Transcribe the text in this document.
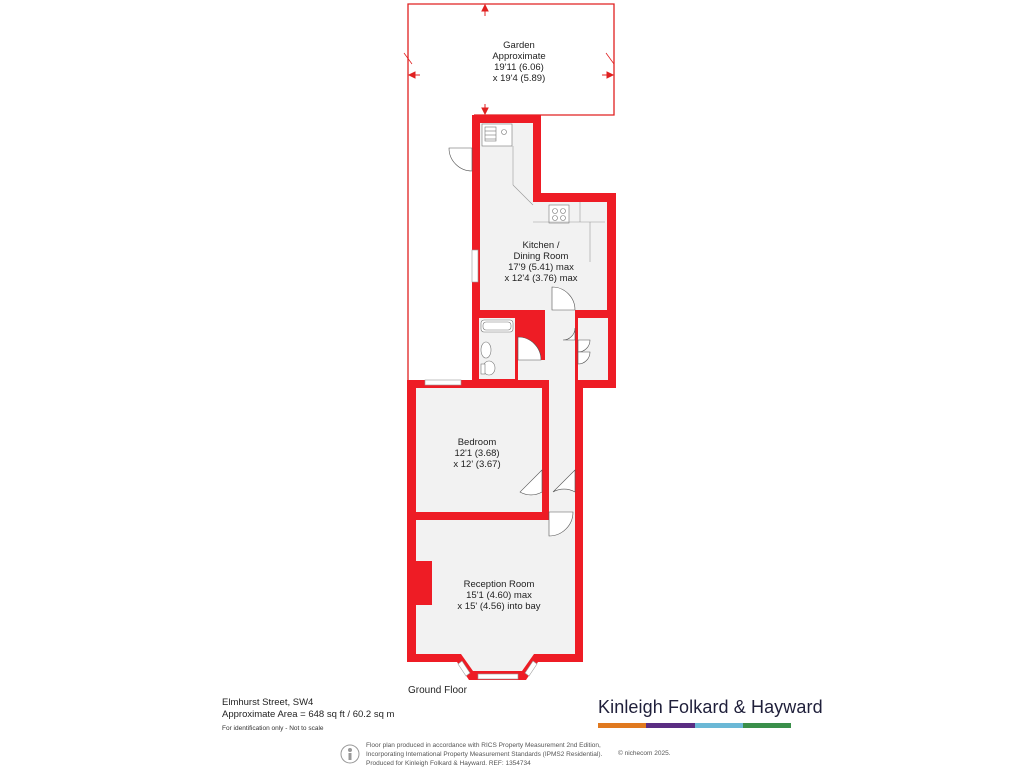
Garden
Approximate
19'11 (6.06)
x 19'4 (5.89)
Kitchen /
Dining Room
17'9 (5.41) max
x 12'4 (3.76) max
Bedroom
12'1 (3.68)
x 12' (3.67)
Reception Room
15'1 (4.60) max
x 15' (4.56) into bay
Ground Floor
Elmhurst Street, SW4
Approximate Area = 648 sq ft / 60.2 sq m
For identification only - Not to scale
Kinleigh Folkard & Hayward
Floor plan produced in accordance with RICS Property Measurement 2nd Edition,
Incorporating International Property Measurement Standards (IPMS2 Residential).
Produced for Kinleigh Folkard & Hayward. REF: 1354734
© nichecom 2025.
